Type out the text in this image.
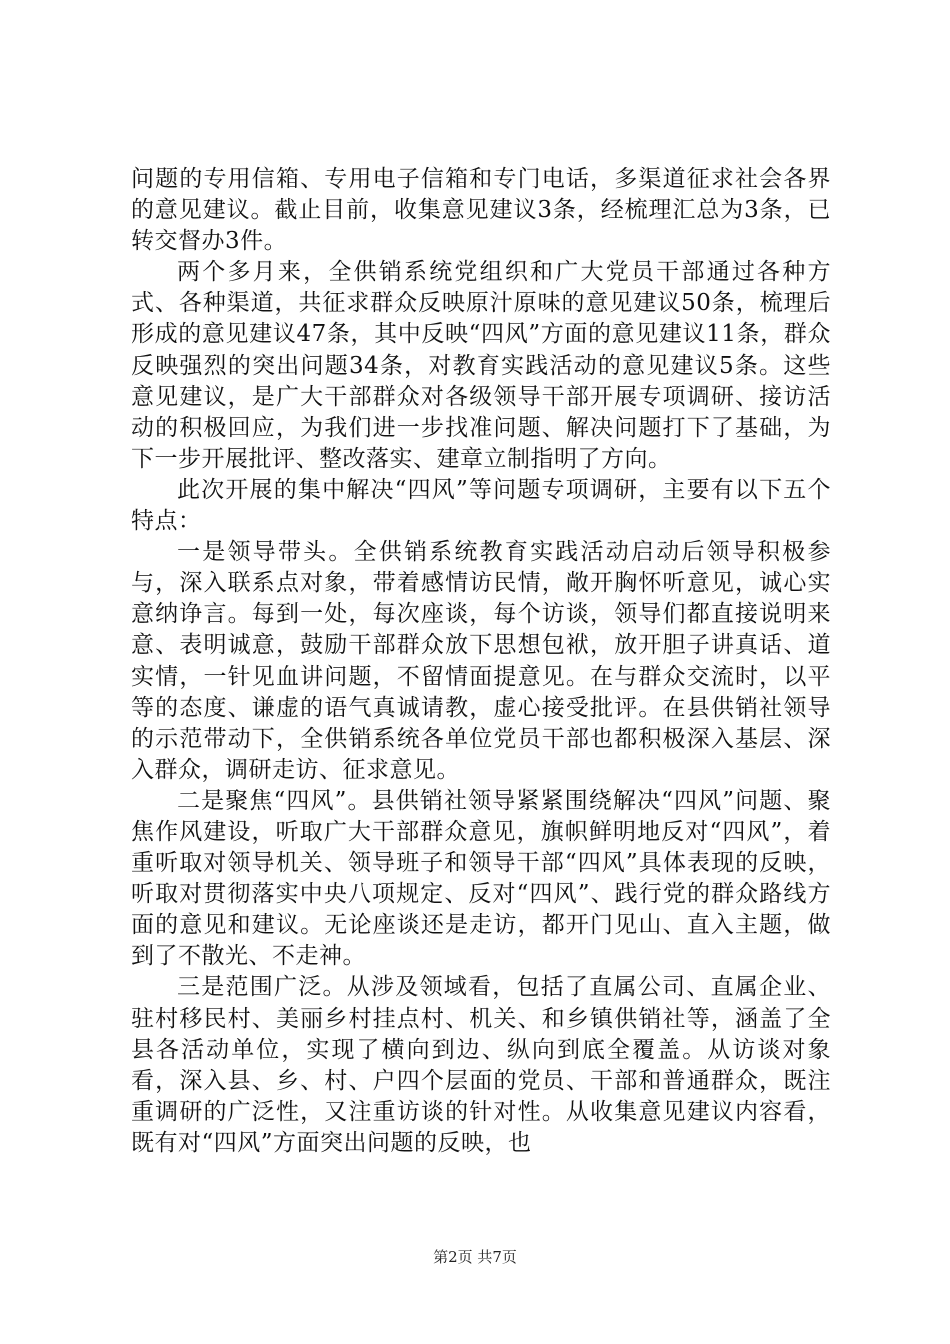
问题的专用信箱、专用电子信箱和专门电话，多渠道征求社会各界的意见建议。截止目前，收集意见建议3条，经梳理汇总为3条，已转交督办3件。

两个多月来，全供销系统党组织和广大党员干部通过各种方式、各种渠道，共征求群众反映原汁原味的意见建议50条，梳理后形成的意见建议47条，其中反映“四风”方面的意见建议11条，群众反映强烈的突出问题34条，对教育实践活动的意见建议5条。这些意见建议，是广大干部群众对各级领导干部开展专项调研、接访活动的积极回应，为我们进一步找准问题、解决问题打下了基础，为下一步开展批评、整改落实、建章立制指明了方向。

此次开展的集中解决“四风”等问题专项调研，主要有以下五个特点：

一是领导带头。全供销系统教育实践活动启动后领导积极参与，深入联系点对象，带着感情访民情，敞开胸怀听意见，诚心实意纳诤言。每到一处，每次座谈，每个访谈，领导们都直接说明来意、表明诚意，鼓励干部群众放下思想包袱，放开胆子讲真话、道实情，一针见血讲问题，不留情面提意见。在与群众交流时，以平等的态度、谦虚的语气真诚请教，虚心接受批评。在县供销社领导的示范带动下，全供销系统各单位党员干部也都积极深入基层、深入群众，调研走访、征求意见。

二是聚焦“四风”。县供销社领导紧紧围绕解决“四风”问题、聚焦作风建设，听取广大干部群众意见，旗帜鲜明地反对“四风”，着重听取对领导机关、领导班子和领导干部“四风”具体表现的反映，听取对贯彻落实中央八项规定、反对“四风”、践行党的群众路线方面的意见和建议。无论座谈还是走访，都开门见山、直入主题，做到了不散光、不走神。

三是范围广泛。从涉及领域看，包括了直属公司、直属企业、驻村移民村、美丽乡村挂点村、机关、和乡镇供销社等，涵盖了全县各活动单位，实现了横向到边、纵向到底全覆盖。从访谈对象看，深入县、乡、村、户四个层面的党员、干部和普通群众，既注重调研的广泛性，又注重访谈的针对性。从收集意见建议内容看，既有对“四风”方面突出问题的反映，也

第2页 共7页
